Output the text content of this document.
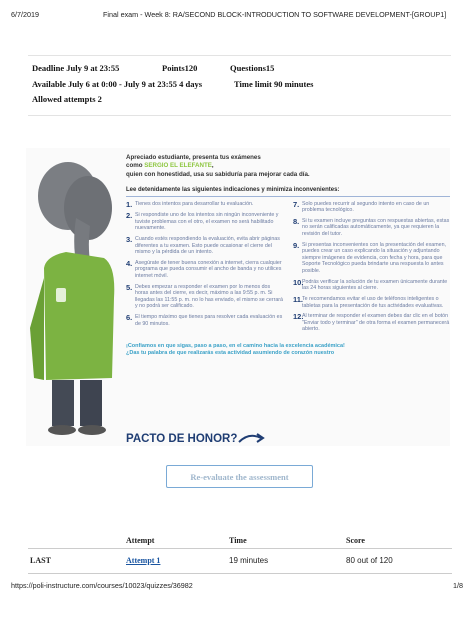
6/7/2019	Final exam - Week 8: RA/SECOND BLOCK-INTRODUCTION TO SOFTWARE DEVELOPMENT-[GROUP1]
Deadline July 9 at 23:55	Points120	Questions15
Available July 6 at 0:00 - July 9 at 23:55 4 days	Time limit 90 minutes
Allowed attempts 2
Apreciado estudiante, presenta tus exámenes
como SERGIO EL ELEFANTE,
quien con honestidad, usa su sabiduría para mejorar cada día.
Lee detenidamente las siguientes indicaciones y minimiza inconvenientes:
1. Tienes dos intentos para desarrollar tu evaluación.
2. Si respondiste uno de los intentos sin ningún inconveniente y tuviste problemas con el otro, el examen no será habilitado nuevamente.
3. Cuando estés respondiendo la evaluación, evita abrir páginas diferentes a tu examen. Esto puede ocasionar el cierre del mismo y la pérdida de un intento.
4. Asegúrate de tener buena conexión a internet, cierra cualquier programa que pueda consumir el ancho de banda y no utilices internet móvil.
5. Debes empezar a responder el examen por lo menos dos horas antes del cierre, es decir, máximo a las 9:55 p. m. Si llegadas las 11:55 p. m. no lo has enviado, el mismo se cerrará y no podrá ser calificado.
6. El tiempo máximo que tienes para resolver cada evaluación es de 90 minutos.
7. Solo puedes recurrir al segundo intento en caso de un problema tecnológico.
8. Si tu examen incluye preguntas con respuestas abiertas, estas no serán calificadas automáticamente, ya que requieren la revisión del tutor.
9. Si presentas inconvenientes con la presentación del examen, puedes crear un caso explicando la situación y adjuntando siempre imágenes de evidencia, con fecha y hora, para que Soporte Tecnológico pueda brindarte una respuesta lo antes posible.
10.
Podrás verificar la solución de tu examen únicamente durante las 24 horas siguientes al cierre.
11.
Te recomendamos evitar el uso de teléfonos inteligentes o tabletas para la presentación de tus actividades evaluativas.
12.
Al terminar de responder el examen debes dar clic en el botón "Enviar todo y terminar" de otra forma el examen permanecerá abierto.
¡Confiamos en que sigas, paso a paso, en el camino hacia la excelencia académica!
¿Das tu palabra de que realizarás esta actividad asumiendo de corazón nuestro
PACTO DE HONOR?
Re-evaluate the assessment
Attempt	Time	Score
LAST	Attempt 1	19 minutes	80 out of 120
https://poli-instructure.com/courses/10023/quizzes/36982	1/8
